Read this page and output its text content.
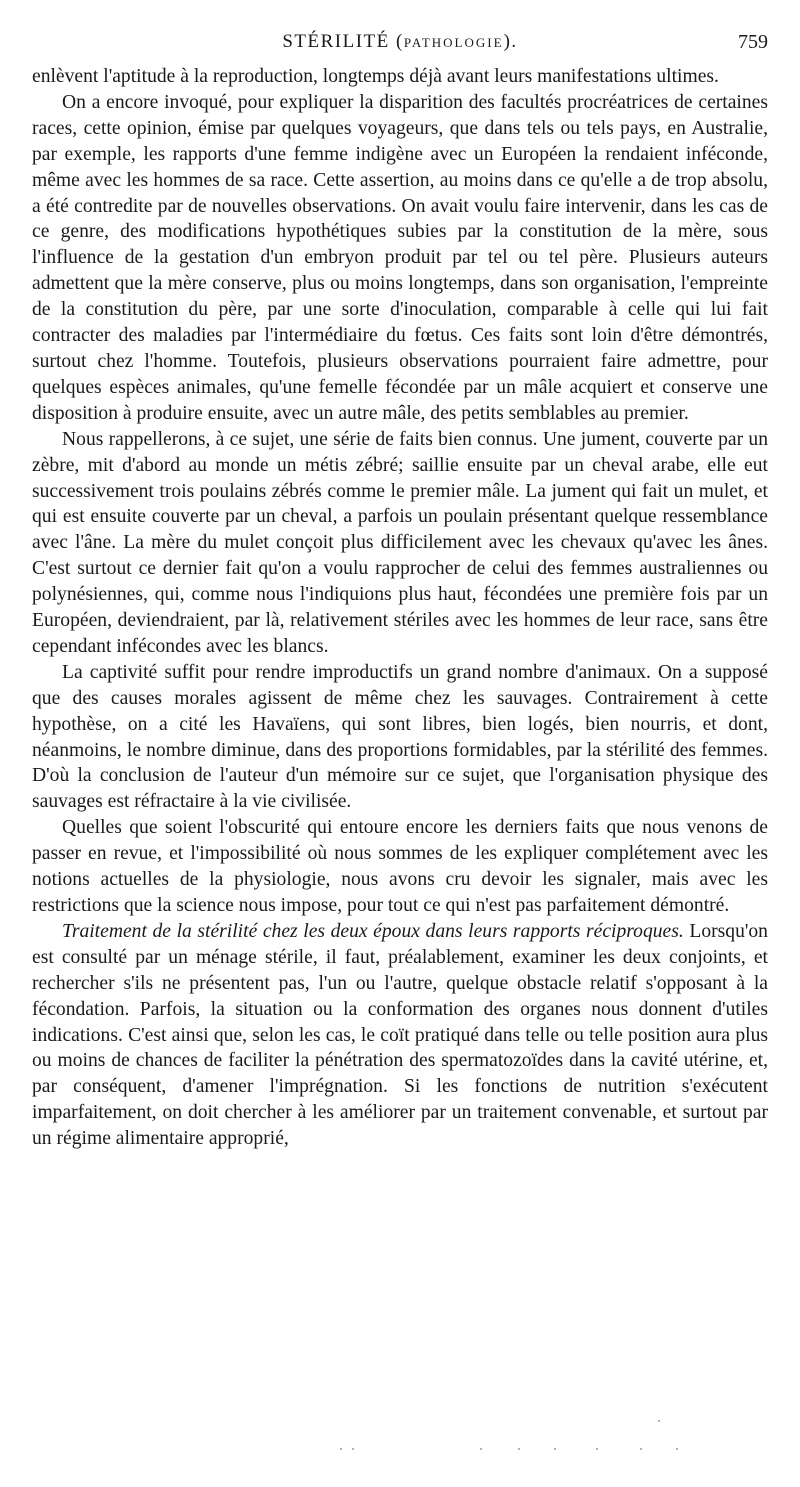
STÉRILITÉ (PATHOLOGIE).	759

enlèvent l'aptitude à la reproduction, longtemps déjà avant leurs manifestations ultimes.

On a encore invoqué, pour expliquer la disparition des facultés procréatrices de certaines races, cette opinion, émise par quelques voyageurs, que dans tels ou tels pays, en Australie, par exemple, les rapports d'une femme indigène avec un Européen la rendaient inféconde, même avec les hommes de sa race. Cette assertion, au moins dans ce qu'elle a de trop absolu, a été contredite par de nouvelles observations. On avait voulu faire intervenir, dans les cas de ce genre, des modifications hypothétiques subies par la constitution de la mère, sous l'influence de la gestation d'un embryon produit par tel ou tel père. Plusieurs auteurs admettent que la mère conserve, plus ou moins longtemps, dans son organisation, l'empreinte de la constitution du père, par une sorte d'inoculation, comparable à celle qui lui fait contracter des maladies par l'intermédiaire du fœtus. Ces faits sont loin d'être démontrés, surtout chez l'homme. Toutefois, plusieurs observations pourraient faire admettre, pour quelques espèces animales, qu'une femelle fécondée par un mâle acquiert et conserve une disposition à produire ensuite, avec un autre mâle, des petits semblables au premier.

Nous rappellerons, à ce sujet, une série de faits bien connus. Une jument, couverte par un zèbre, mit d'abord au monde un métis zébré; saillie ensuite par un cheval arabe, elle eut successivement trois poulains zébrés comme le premier mâle. La jument qui fait un mulet, et qui est ensuite couverte par un cheval, a parfois un poulain présentant quelque ressemblance avec l'âne. La mère du mulet conçoit plus difficilement avec les chevaux qu'avec les ânes. C'est surtout ce dernier fait qu'on a voulu rapprocher de celui des femmes australiennes ou polynésiennes, qui, comme nous l'indiquions plus haut, fécondées une première fois par un Européen, deviendraient, par là, relativement stériles avec les hommes de leur race, sans être cependant infécondes avec les blancs.

La captivité suffit pour rendre improductifs un grand nombre d'animaux. On a supposé que des causes morales agissent de même chez les sauvages. Contrairement à cette hypothèse, on a cité les Havaïens, qui sont libres, bien logés, bien nourris, et dont, néanmoins, le nombre diminue, dans des proportions formidables, par la stérilité des femmes. D'où la conclusion de l'auteur d'un mémoire sur ce sujet, que l'organisation physique des sauvages est réfractaire à la vie civilisée.

Quelles que soient l'obscurité qui entoure encore les derniers faits que nous venons de passer en revue, et l'impossibilité où nous sommes de les expliquer complétement avec les notions actuelles de la physiologie, nous avons cru devoir les signaler, mais avec les restrictions que la science nous impose, pour tout ce qui n'est pas parfaitement démontré.

Traitement de la stérilité chez les deux époux dans leurs rapports réciproques. Lorsqu'on est consulté par un ménage stérile, il faut, préalablement, examiner les deux conjoints, et rechercher s'ils ne présentent pas, l'un ou l'autre, quelque obstacle relatif s'opposant à la fécondation. Parfois, la situation ou la conformation des organes nous donnent d'utiles indications. C'est ainsi que, selon les cas, le coït pratiqué dans telle ou telle position aura plus ou moins de chances de faciliter la pénétration des spermatozoïdes dans la cavité utérine, et, par conséquent, d'amener l'imprégnation. Si les fonctions de nutrition s'exécutent imparfaitement, on doit chercher à les améliorer par un traitement convenable, et surtout par un régime alimentaire approprié,
